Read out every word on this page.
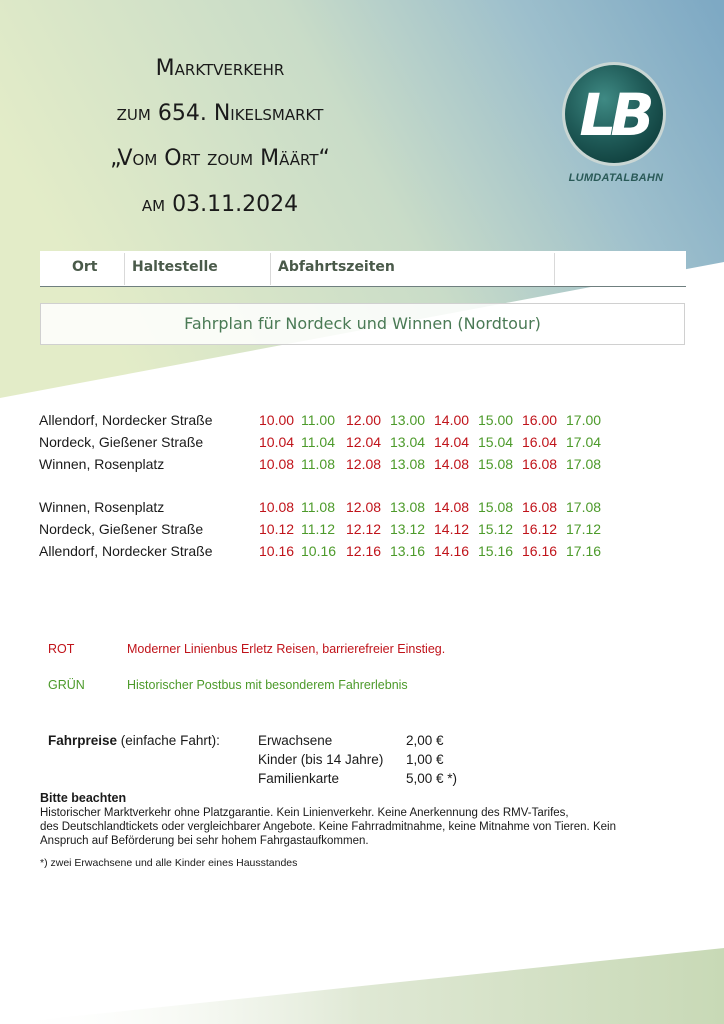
Marktverkehr
zum 654. Nikelsmarkt
„Vom Ort zoum Määrt“
am 03.11.2024
LB
LUMDATALBAHN
Ort Haltestelle	Abfahrtszeiten
Fahrplan für Nordeck und Winnen (Nordtour)
Allendorf, Nordecker Straße	10.00 11.00 12.00 13.00 14.00 15.00 16.00 17.00
Nordeck, Gießener Straße	10.04 11.04 12.04 13.04 14.04 15.04 16.04 17.04
Winnen, Rosenplatz	10.08 11.08 12.08 13.08 14.08 15.08 16.08 17.08
Winnen, Rosenplatz	10.08 11.08 12.08 13.08 14.08 15.08 16.08 17.08
Nordeck, Gießener Straße	10.12 11.12 12.12 13.12 14.12 15.12 16.12 17.12
Allendorf, Nordecker Straße	10.16 10.16 12.16 13.16 14.16 15.16 16.16 17.16
ROT	Moderner Linienbus Erletz Reisen, barrierefreier Einstieg.
GRÜN	Historischer Postbus mit besonderem Fahrerlebnis
Fahrpreise (einfache Fahrt):	Erwachsene	2,00 €
Kinder (bis 14 Jahre) 1,00 €
Familienkarte	5,00 € *)
Bitte beachten
Historischer Marktverkehr ohne Platzgarantie. Kein Linienverkehr. Keine Anerkennung des RMV-Tarifes,
des Deutschlandtickets oder vergleichbarer Angebote. Keine Fahrradmitnahme, keine Mitnahme von Tieren. Kein
Anspruch auf Beförderung bei sehr hohem Fahrgastaufkommen.
*) zwei Erwachsene und alle Kinder eines Hausstandes
